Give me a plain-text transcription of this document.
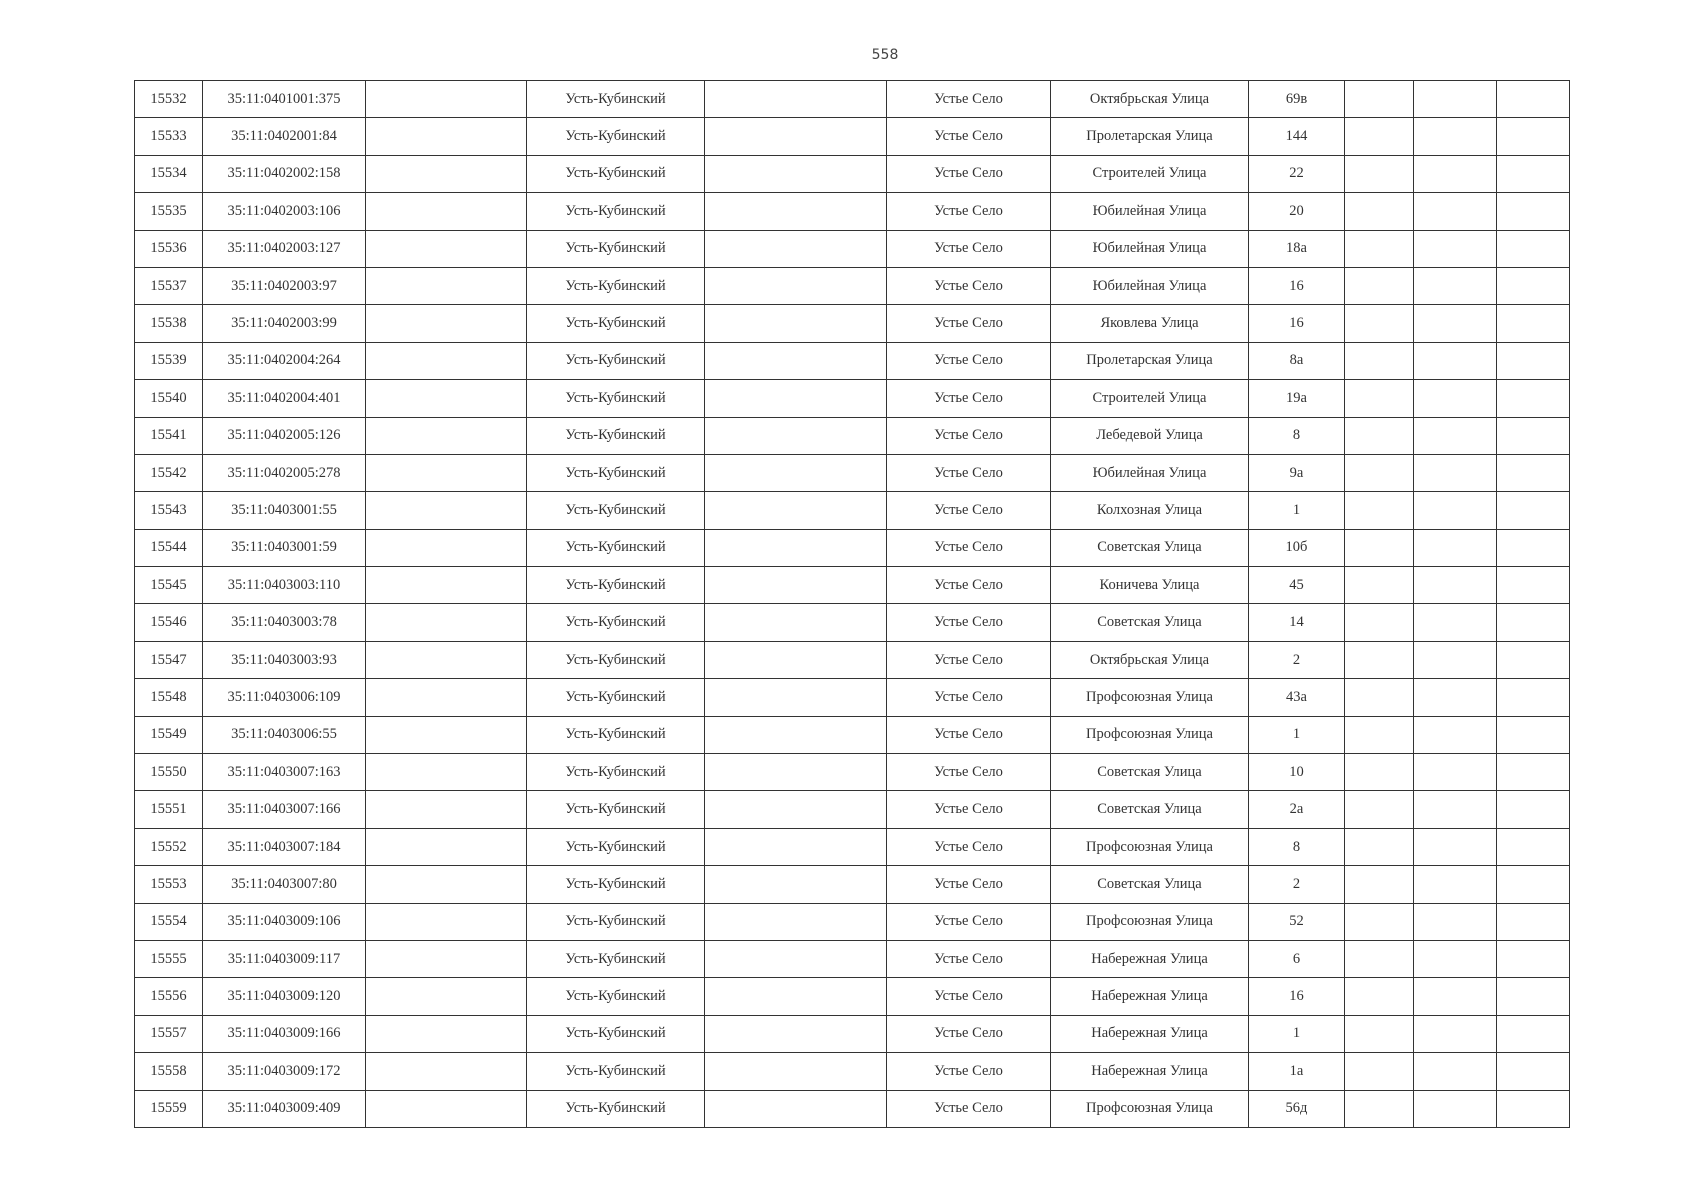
558
15532	35:11:0401001:375		Усть-Кубинский		Устье Село	Октябрьская Улица	69в			
15533	35:11:0402001:84		Усть-Кубинский		Устье Село	Пролетарская Улица	144			
15534	35:11:0402002:158		Усть-Кубинский		Устье Село	Строителей Улица	22			
15535	35:11:0402003:106		Усть-Кубинский		Устье Село	Юбилейная Улица	20			
15536	35:11:0402003:127		Усть-Кубинский		Устье Село	Юбилейная Улица	18а			
15537	35:11:0402003:97		Усть-Кубинский		Устье Село	Юбилейная Улица	16			
15538	35:11:0402003:99		Усть-Кубинский		Устье Село	Яковлева Улица	16			
15539	35:11:0402004:264		Усть-Кубинский		Устье Село	Пролетарская Улица	8а			
15540	35:11:0402004:401		Усть-Кубинский		Устье Село	Строителей Улица	19а			
15541	35:11:0402005:126		Усть-Кубинский		Устье Село	Лебедевой Улица	8			
15542	35:11:0402005:278		Усть-Кубинский		Устье Село	Юбилейная Улица	9а			
15543	35:11:0403001:55		Усть-Кубинский		Устье Село	Колхозная Улица	1			
15544	35:11:0403001:59		Усть-Кубинский		Устье Село	Советская Улица	10б			
15545	35:11:0403003:110		Усть-Кубинский		Устье Село	Коничева Улица	45			
15546	35:11:0403003:78		Усть-Кубинский		Устье Село	Советская Улица	14			
15547	35:11:0403003:93		Усть-Кубинский		Устье Село	Октябрьская Улица	2			
15548	35:11:0403006:109		Усть-Кубинский		Устье Село	Профсоюзная Улица	43а			
15549	35:11:0403006:55		Усть-Кубинский		Устье Село	Профсоюзная Улица	1			
15550	35:11:0403007:163		Усть-Кубинский		Устье Село	Советская Улица	10			
15551	35:11:0403007:166		Усть-Кубинский		Устье Село	Советская Улица	2а			
15552	35:11:0403007:184		Усть-Кубинский		Устье Село	Профсоюзная Улица	8			
15553	35:11:0403007:80		Усть-Кубинский		Устье Село	Советская Улица	2			
15554	35:11:0403009:106		Усть-Кубинский		Устье Село	Профсоюзная Улица	52			
15555	35:11:0403009:117		Усть-Кубинский		Устье Село	Набережная Улица	6			
15556	35:11:0403009:120		Усть-Кубинский		Устье Село	Набережная Улица	16			
15557	35:11:0403009:166		Усть-Кубинский		Устье Село	Набережная Улица	1			
15558	35:11:0403009:172		Усть-Кубинский		Устье Село	Набережная Улица	1а			
15559	35:11:0403009:409		Усть-Кубинский		Устье Село	Профсоюзная Улица	56д			
